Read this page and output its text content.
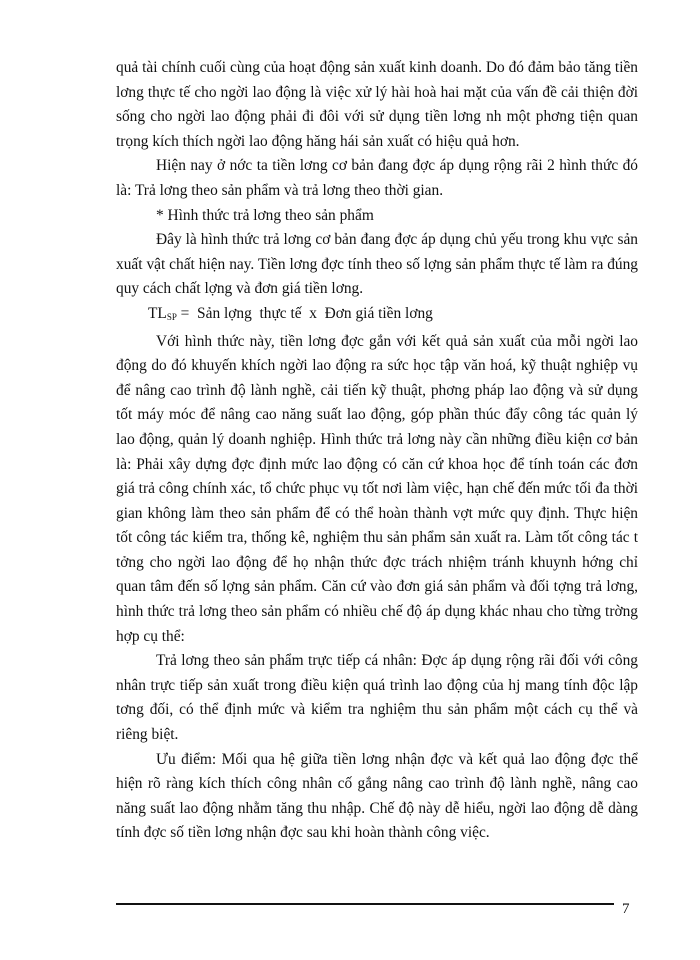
quả tài chính cuối cùng của hoạt động sản xuất kinh doanh. Do đó đảm bảo tăng tiền lơng thực tế cho ngời lao động là việc xử lý hài hoà hai mặt của vấn đề cải thiện đời sống cho ngời lao động phải đi đôi với sử dụng tiền lơng nh một phơng tiện quan trọng kích thích ngời lao động hăng hái sản xuất có hiệu quả hơn.

Hiện nay ở nớc ta tiền lơng cơ bản đang đợc áp dụng rộng rãi 2 hình thức đó là: Trả lơng theo sản phẩm và trả lơng theo thời gian.

* Hình thức trả lơng theo sản phẩm

Đây là hình thức trả lơng cơ bản đang đợc áp dụng chủ yếu trong khu vực sản xuất vật chất hiện nay. Tiền lơng đợc tính theo số lợng sản phẩm thực tế làm ra đúng quy cách chất lợng và đơn giá tiền lơng.

$TL_{SP}$ =  Sản lợng  thực tế  x  Đơn giá tiền lơng

Với hình thức này, tiền lơng đợc gắn với kết quả sản xuất của mỗi ngời lao động do đó khuyến khích ngời lao động ra sức học tập văn hoá, kỹ thuật nghiệp vụ để nâng cao trình độ lành nghề, cải tiến kỹ thuật, phơng pháp lao động và sử dụng tốt máy móc để nâng cao năng suất lao động, góp phần thúc đẩy công tác quản lý lao động, quản lý doanh nghiệp. Hình thức trả lơng này cần những điều kiện cơ bản là: Phải xây dựng đợc định mức lao động có căn cứ khoa học để tính toán các đơn giá trả công chính xác, tổ chức phục vụ tốt nơi làm việc, hạn chế đến mức tối đa thời gian không làm theo sản phẩm để có thể hoàn thành vợt mức quy định. Thực hiện tốt công tác kiểm tra, thống kê, nghiệm thu sản phẩm sản xuất ra. Làm tốt công tác t tởng cho ngời lao động để họ nhận thức đợc trách nhiệm tránh khuynh hớng chỉ quan tâm đến số lợng sản phẩm. Căn cứ vào đơn giá sản phẩm và đối tợng trả lơng, hình thức trả lơng theo sản phẩm có nhiều chế độ áp dụng khác nhau cho từng trờng hợp cụ thể:

Trả lơng theo sản phẩm trực tiếp cá nhân: Đợc áp dụng rộng rãi đối với công nhân trực tiếp sản xuất trong điều kiện quá trình lao động của hj mang tính độc lập tơng đối, có thể định mức và kiểm tra nghiệm thu sản phẩm một cách cụ thể và riêng biệt.

Ưu điểm: Mối qua hệ giữa tiền lơng nhận đợc và kết quả lao động đợc thể hiện rõ ràng kích thích công nhân cố gắng nâng cao trình độ lành nghề, nâng cao năng suất lao động nhằm tăng thu nhập. Chế độ này dễ hiểu, ngời lao động dễ dàng tính đợc số tiền lơng nhận đợc sau khi hoàn thành công việc.

7
